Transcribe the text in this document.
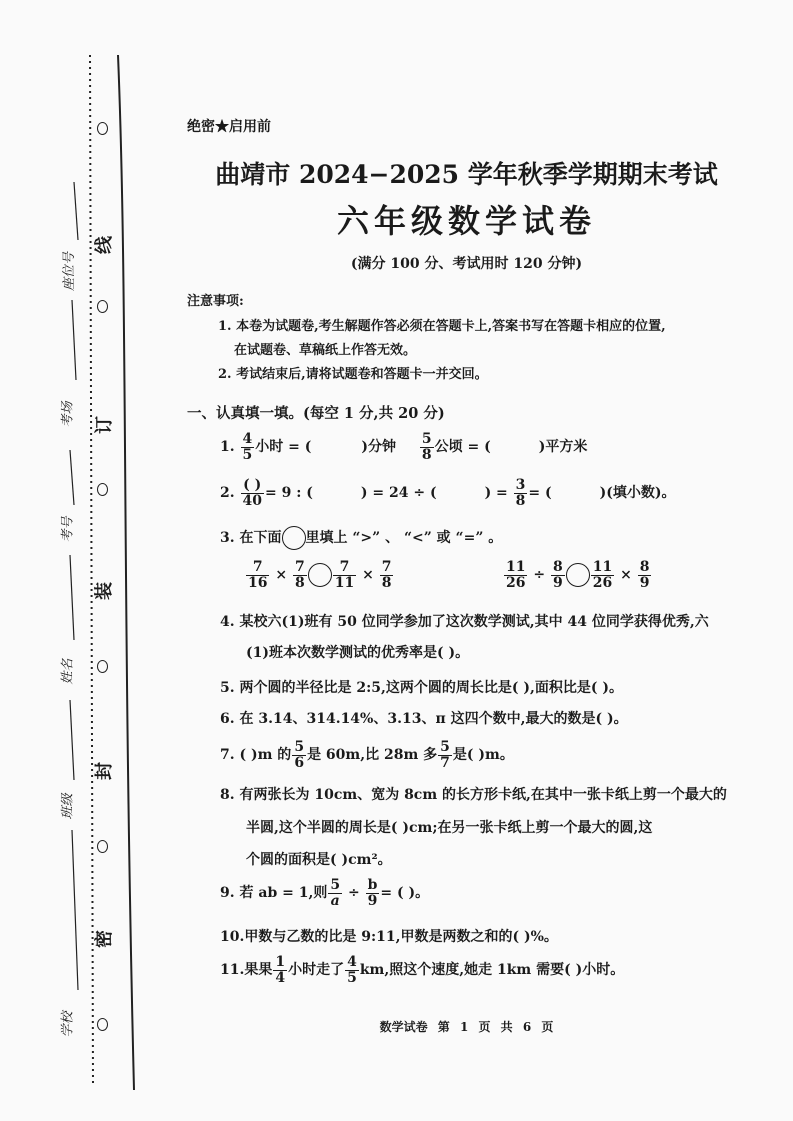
座位号
考场
考号
姓名
班级
学校
线
订
装
封
密
绝密★启用前
曲靖市 2024−2025 学年秋季学期期末考试
六年级数学试卷
(满分 100 分、考试用时 120 分钟)
注意事项:
1. 本卷为试题卷,考生解题作答必须在答题卡上,答案书写在答题卡相应的位置,
在试题卷、草稿纸上作答无效。
2. 考试结束后,请将试题卷和答题卡一并交回。
一、认真填一填。(每空 1 分,共 20 分)
1. $\frac{4}{5}$ 小时 = (	)分钟 $\frac{5}{8}$ 公顷 = (	)平方米
2. $\frac{( )}{40} = 9$ : (	) = 24 ÷ (	) = $\frac{3}{8}$ = (	)(填小数)。
3. 在下面 里填上 “>” 、 “<” 或 “=” 。
$\frac{7}{16} \times \frac{7}{8} \frac{7}{11} \times \frac{7}{8}$	$\frac{11}{26} \div \frac{8}{9} \frac{11}{26} \times \frac{8}{9}$
4. 某校六(1)班有 50 位同学参加了这次数学测试,其中 44 位同学获得优秀,六
(1)班本次数学测试的优秀率是( )。
5. 两个圆的半径比是 2:5,这两个圆的周长比是( ),面积比是( )。
6. 在 3.14、314.14%、3.13、π 这四个数中,最大的数是( )。
7. ( )m 的 $\frac{5}{6}$ 是 60m,比 28m 多 $\frac{5}{7}$ 是( )m。
8. 有两张长为 10cm、宽为 8cm 的长方形卡纸,在其中一张卡纸上剪一个最大的
半圆,这个半圆的周长是( )cm;在另一张卡纸上剪一个最大的圆,这
个圆的面积是( )cm²。
9. 若 ab = 1,则 $\frac{5}{a} \div \frac{b}{9}$ = ( )。
10.甲数与乙数的比是 9:11,甲数是两数之和的( )%。
11.果果 $\frac{1}{4}$ 小时走了 $\frac{4}{5}$ km,照这个速度,她走 1km 需要( )小时。
数学试卷 第 1 页 共 6 页
